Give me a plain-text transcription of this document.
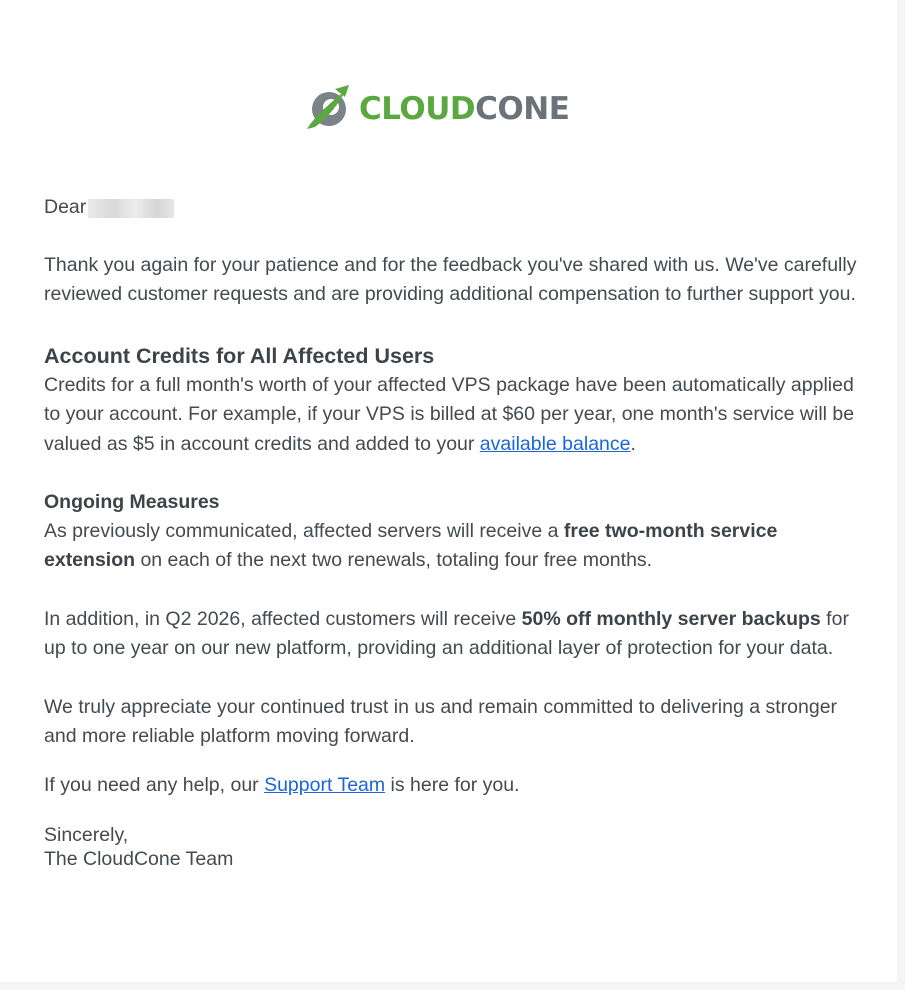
CLOUDCONE

Dear

Thank you again for your patience and for the feedback you've shared with us. We've carefully reviewed customer requests and are providing additional compensation to further support you.

Account Credits for All Affected Users

Credits for a full month's worth of your affected VPS package have been automatically applied to your account. For example, if your VPS is billed at $60 per year, one month's service will be valued as $5 in account credits and added to your available balance.

Ongoing Measures

As previously communicated, affected servers will receive a free two-month service extension on each of the next two renewals, totaling four free months.

In addition, in Q2 2026, affected customers will receive 50% off monthly server backups for up to one year on our new platform, providing an additional layer of protection for your data.

We truly appreciate your continued trust in us and remain committed to delivering a stronger and more reliable platform moving forward.

If you need any help, our Support Team is here for you.

Sincerely,

The CloudCone Team
